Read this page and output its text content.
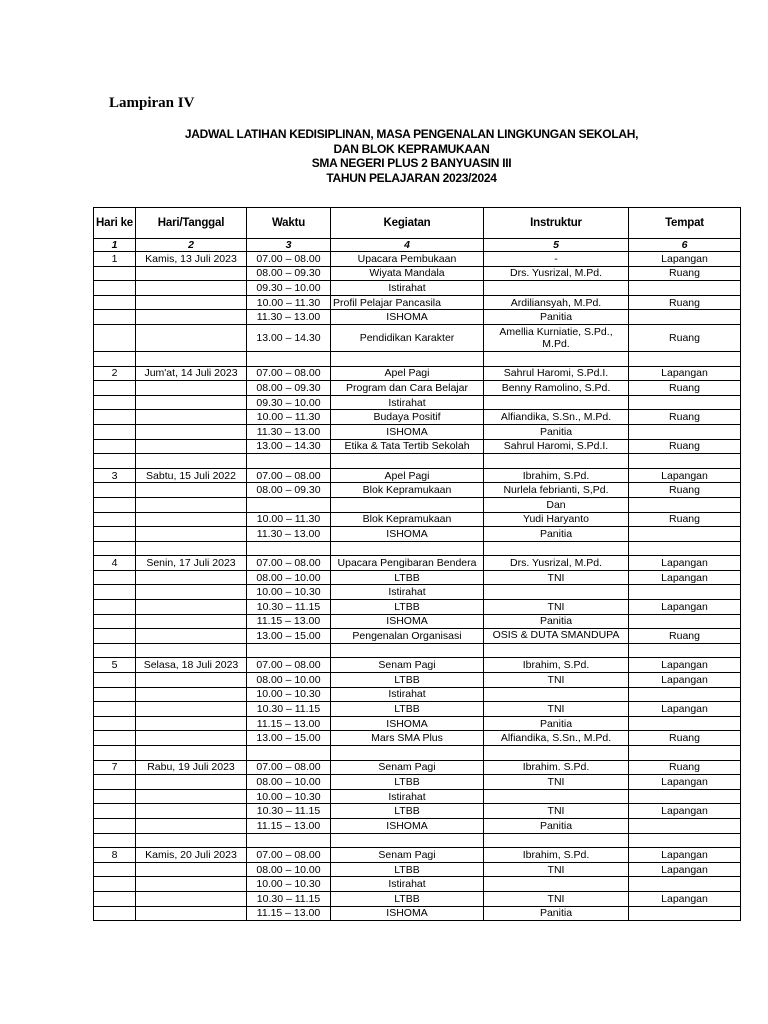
Lampiran IV
JADWAL LATIHAN KEDISIPLINAN, MASA PENGENALAN LINGKUNGAN SEKOLAH,
DAN BLOK KEPRAMUKAAN
SMA NEGERI PLUS 2 BANYUASIN III
TAHUN PELAJARAN 2023/2024
Hari ke	Hari/Tanggal	Waktu	Kegiatan	Instruktur	Tempat
1	2	3	4	5	6
1	Kamis, 13 Juli 2023	07.00 – 08.00	Upacara Pembukaan	-	Lapangan
		08.00 – 09.30	Wiyata Mandala	Drs. Yusrizal, M.Pd.	Ruang
		09.30 – 10.00	Istirahat		
		10.00 – 11.30	Profil Pelajar Pancasila	Ardiliansyah, M.Pd.	Ruang
		11.30 – 13.00	ISHOMA	Panitia	
		13.00 – 14.30	Pendidikan Karakter	Amellia Kurniatie, S.Pd., M.Pd.	Ruang

2	Jum'at, 14 Juli 2023	07.00 – 08.00	Apel Pagi	Sahrul Haromi, S.Pd.I.	Lapangan
		08.00 – 09.30	Program dan Cara Belajar	Benny Ramolino, S.Pd.	Ruang
		09.30 – 10.00	Istirahat		
		10.00 – 11.30	Budaya Positif	Alfiandika, S.Sn., M.Pd.	Ruang
		11.30 – 13.00	ISHOMA	Panitia	
		13.00 – 14.30	Etika & Tata Tertib Sekolah	Sahrul Haromi, S.Pd.I.	Ruang

3	Sabtu, 15 Juli 2022	07.00 – 08.00	Apel Pagi	Ibrahim, S.Pd.	Lapangan
		08.00 – 09.30	Blok Kepramukaan	Nurlela febrianti, S,Pd.	Ruang
				Dan	
		10.00 – 11.30	Blok Kepramukaan	Yudi Haryanto	Ruang
		11.30 – 13.00	ISHOMA	Panitia	

4	Senin, 17 Juli 2023	07.00 – 08.00	Upacara Pengibaran Bendera	Drs. Yusrizal, M.Pd.	Lapangan
		08.00 – 10.00	LTBB	TNI	Lapangan
		10.00 – 10.30	Istirahat		
		10.30 – 11.15	LTBB	TNI	Lapangan
		11.15 – 13.00	ISHOMA	Panitia	
		13.00 – 15.00	Pengenalan Organisasi	OSIS & DUTA SMANDUPA	Ruang

5	Selasa, 18 Juli 2023	07.00 – 08.00	Senam Pagi	Ibrahim, S.Pd.	Lapangan
		08.00 – 10.00	LTBB	TNI	Lapangan
		10.00 – 10.30	Istirahat		
		10.30 – 11.15	LTBB	TNI	Lapangan
		11.15 – 13.00	ISHOMA	Panitia	
		13.00 – 15.00	Mars SMA Plus	Alfiandika, S.Sn., M.Pd.	Ruang

7	Rabu, 19 Juli 2023	07.00 – 08.00	Senam Pagi	Ibrahim. S.Pd.	Ruang
		08.00 – 10.00	LTBB	TNI	Lapangan
		10.00 – 10.30	Istirahat		
		10.30 – 11.15	LTBB	TNI	Lapangan
		11.15 – 13.00	ISHOMA	Panitia	

8	Kamis, 20 Juli 2023	07.00 – 08.00	Senam Pagi	Ibrahim, S.Pd.	Lapangan
		08.00 – 10.00	LTBB	TNI	Lapangan
		10.00 – 10.30	Istirahat		
		10.30 – 11.15	LTBB	TNI	Lapangan
		11.15 – 13.00	ISHOMA	Panitia	
